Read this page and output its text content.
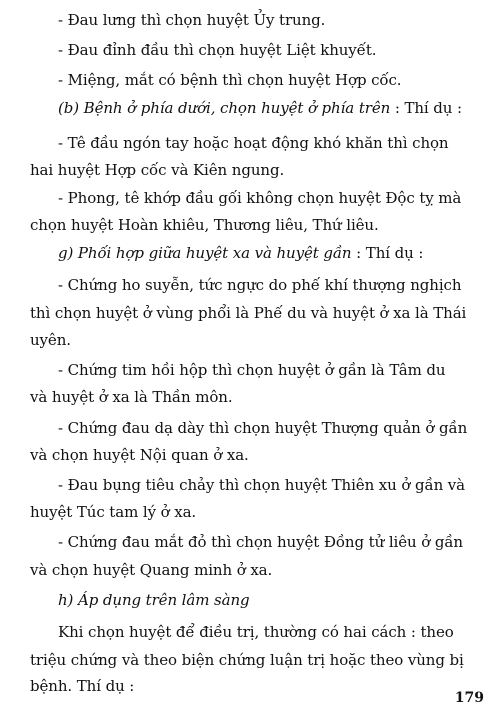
- Đau lưng thì chọn huyệt Ủy trung.
- Đau đỉnh đầu thì chọn huyệt Liệt khuyết.
- Miệng, mắt có bệnh thì chọn huyệt Hợp cốc.
(b) Bệnh ở phía dưới, chọn huyệt ở phía trên : Thí dụ :
- Tê đầu ngón tay hoặc hoạt động khó khăn thì chọn
hai huyệt Hợp cốc và Kiên ngung.
- Phong, tê khớp đầu gối không chọn huyệt Độc tỵ mà
chọn huyệt Hoàn khiêu, Thương liêu, Thứ liêu.
g) Phối hợp giữa huyệt xa và huyệt gần : Thí dụ :
- Chứng ho suyễn, tức ngực do phế khí thượng nghịch
thì chọn huyệt ở vùng phổi là Phế du và huyệt ở xa là Thái
uyên.
- Chứng tim hồi hộp thì chọn huyệt ở gần là Tâm du
và huyệt ở xa là Thần môn.
- Chứng đau dạ dày thì chọn huyệt Thượng quản ở gần
và chọn huyệt Nội quan ở xa.
- Đau bụng tiêu chảy thì chọn huyệt Thiên xu ở gần và
huyệt Túc tam lý ở xa.
- Chứng đau mắt đỏ thì chọn huyệt Đồng tử liêu ở gần
và chọn huyệt Quang minh ở xa.
h) Áp dụng trên lâm sàng
Khi chọn huyệt để điều trị, thường có hai cách : theo
triệu chứng và theo biện chứng luận trị hoặc theo vùng bị
bệnh. Thí dụ :
179
